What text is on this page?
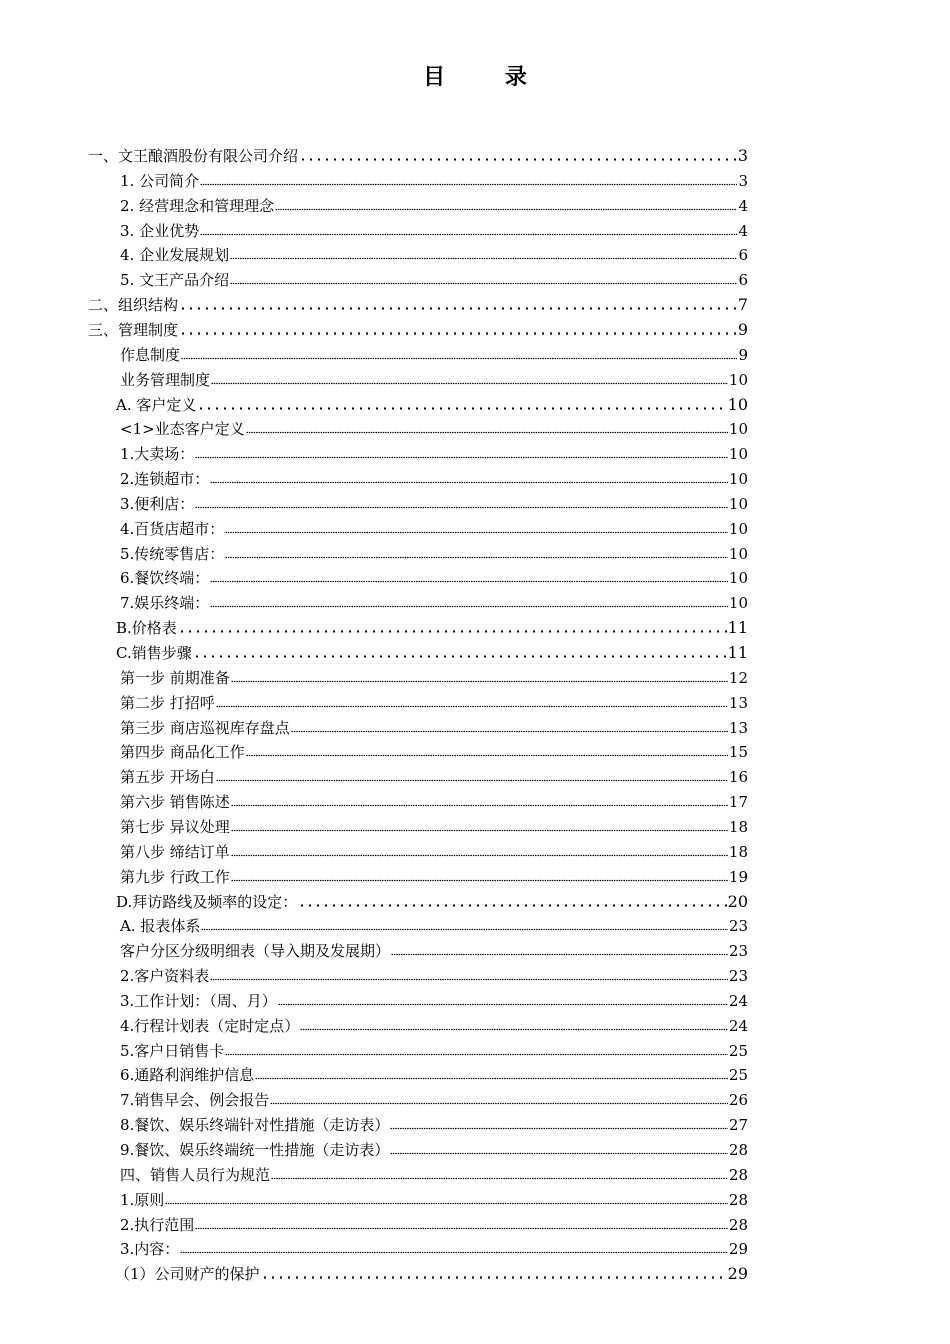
目 录
一、文王酿酒股份有限公司介绍	3
1. 公司简介	3
2. 经营理念和管理理念	4
3. 企业优势	4
4. 企业发展规划	6
5. 文王产品介绍	6
二、组织结构	7
三、管理制度	9
作息制度	9
业务管理制度	10
A. 客户定义	10
<1>业态客户定义	10
1.大卖场：	10
2.连锁超市：	10
3.便利店：	10
4.百货店超市：	10
5.传统零售店：	10
6.餐饮终端：	10
7.娱乐终端：	10
B.价格表	11
C.销售步骤	11
第一步 前期准备	12
第二步 打招呼	13
第三步 商店巡视库存盘点	13
第四步 商品化工作	15
第五步 开场白	16
第六步 销售陈述	17
第七步 异议处理	18
第八步 缔结订单	18
第九步 行政工作	19
D.拜访路线及频率的设定：	20
A. 报表体系	23
客户分区分级明细表（导入期及发展期）	23
2.客户资料表	23
3.工作计划：（周、月）	24
4.行程计划表（定时定点）	24
5.客户日销售卡	25
6.通路利润维护信息	25
7.销售早会、例会报告	26
8.餐饮、娱乐终端针对性措施（走访表）	27
9.餐饮、娱乐终端统一性措施（走访表）	28
四、销售人员行为规范	28
1.原则	28
2.执行范围	28
3.内容：	29
（1）公司财产的保护	29
